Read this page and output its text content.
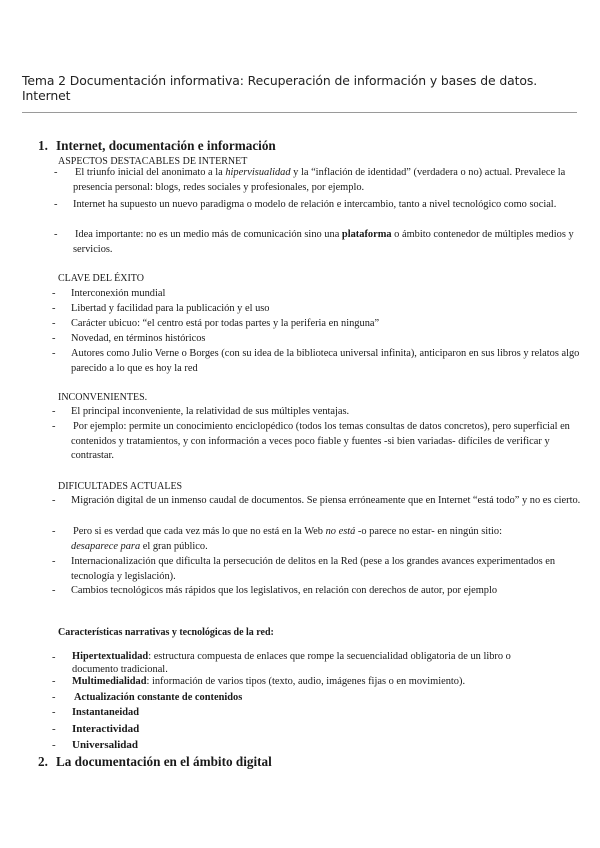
Tema 2 Documentación informativa: Recuperación de información y bases de datos. Internet
1. Internet, documentación e información
ASPECTOS DESTACABLES DE INTERNET
- El triunfo inicial del anonimato a la hipervisualidad y la “inflación de identidad” (verdadera o no) actual. Prevalece la presencia personal: blogs, redes sociales y profesionales, por ejemplo.
- Internet ha supuesto un nuevo paradigma o modelo de relación e intercambio, tanto a nivel tecnológico como social.
- Idea importante: no es un medio más de comunicación sino una plataforma o ámbito contenedor de múltiples medios y servicios.
CLAVE DEL ÉXITO
- Interconexión mundial
- Libertad y facilidad para la publicación y el uso
- Carácter ubicuo: “el centro está por todas partes y la periferia en ninguna”
- Novedad, en términos históricos
- Autores como Julio Verne o Borges (con su idea de la biblioteca universal infinita), anticiparon en sus libros y relatos algo parecido a lo que es hoy la red
INCONVENIENTES.
- El principal inconveniente, la relatividad de sus múltiples ventajas.
- Por ejemplo: permite un conocimiento enciclopédico (todos los temas consultas de datos concretos), pero superficial en contenidos y tratamientos, y con información a veces poco fiable y fuentes -si bien variadas- difíciles de verificar y contrastar.
DIFICULTADES ACTUALES
- Migración digital de un inmenso caudal de documentos. Se piensa erróneamente que en Internet “está todo” y no es cierto.
- Pero si es verdad que cada vez más lo que no está en la Web no está -o parece no estar- en ningún sitio: desaparece para el gran público.
- Internacionalización que dificulta la persecución de delitos en la Red (pese a los grandes avances experimentados en tecnología y legislación).
- Cambios tecnológicos más rápidos que los legislativos, en relación con derechos de autor, por ejemplo
Características narrativas y tecnológicas de la red:
- Hipertextualidad: estructura compuesta de enlaces que rompe la secuencialidad obligatoria de un libro o documento tradicional.
- Multimedialidad: información de varios tipos (texto, audio, imágenes fijas o en movimiento).
- Actualización constante de contenidos
- Instantaneidad
- Interactividad
- Universalidad
2. La documentación en el ámbito digital
